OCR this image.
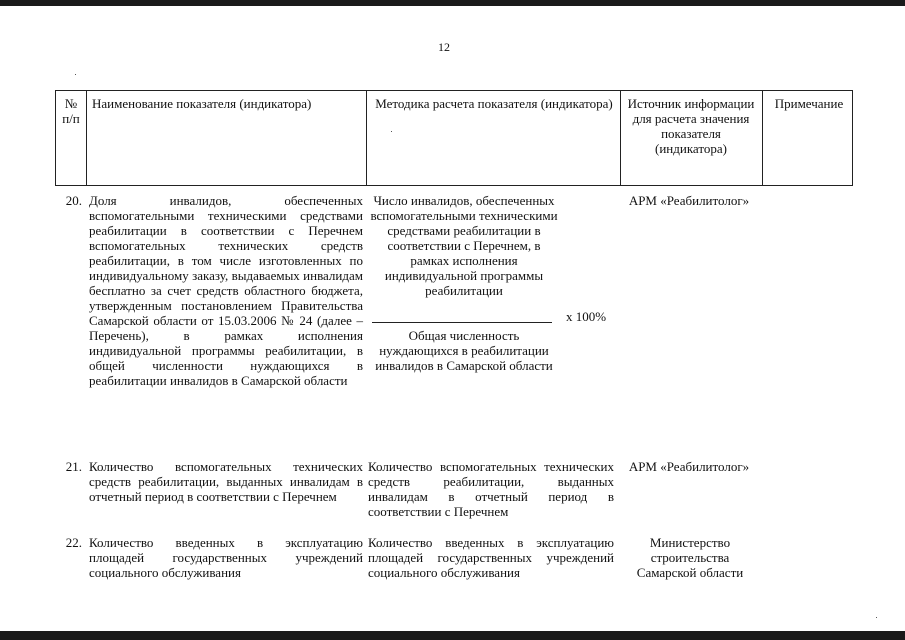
12
№ п/п
Наименование показателя (индикатора)	Методика расчета показателя (индикатора) Источник информации для расчета значения показателя (индикатора)
Примечание
20. Доля инвалидов, обеспеченных вспомогательными техническими средствами реабилитации в соответствии с Перечнем вспомогательных технических средств реабилитации, в том числе изготовленных по индивидуальному заказу, выдаваемых инвалидам бесплатно за счет средств областного бюджета, утвержденным постановлением Правительства Самарской области от 15.03.2006 № 24 (далее – Перечень), в рамках исполнения индивидуальной программы реабилитации, в общей численности нуждающихся в реабилитации инвалидов в Самарской области
Число инвалидов, обеспеченных вспомогательными техническими средствами реабилитации в соответствии с Перечнем, в рамках исполнения индивидуальной программы реабилитации
x 100%
Общая численность нуждающихся в реабилитации инвалидов в Самарской области
АРМ «Реабилитолог»
21. Количество вспомогательных технических средств реабилитации, выданных инвалидам в отчетный период в соответствии с Перечнем
Количество вспомогательных технических средств реабилитации, выданных инвалидам в отчетный период в соответствии с Перечнем
АРМ «Реабилитолог»
22. Количество введенных в эксплуатацию площадей государственных учреждений социального обслуживания
Количество введенных в эксплуатацию площадей государственных учреждений социального обслуживания
Министерство строительства Самарской области
